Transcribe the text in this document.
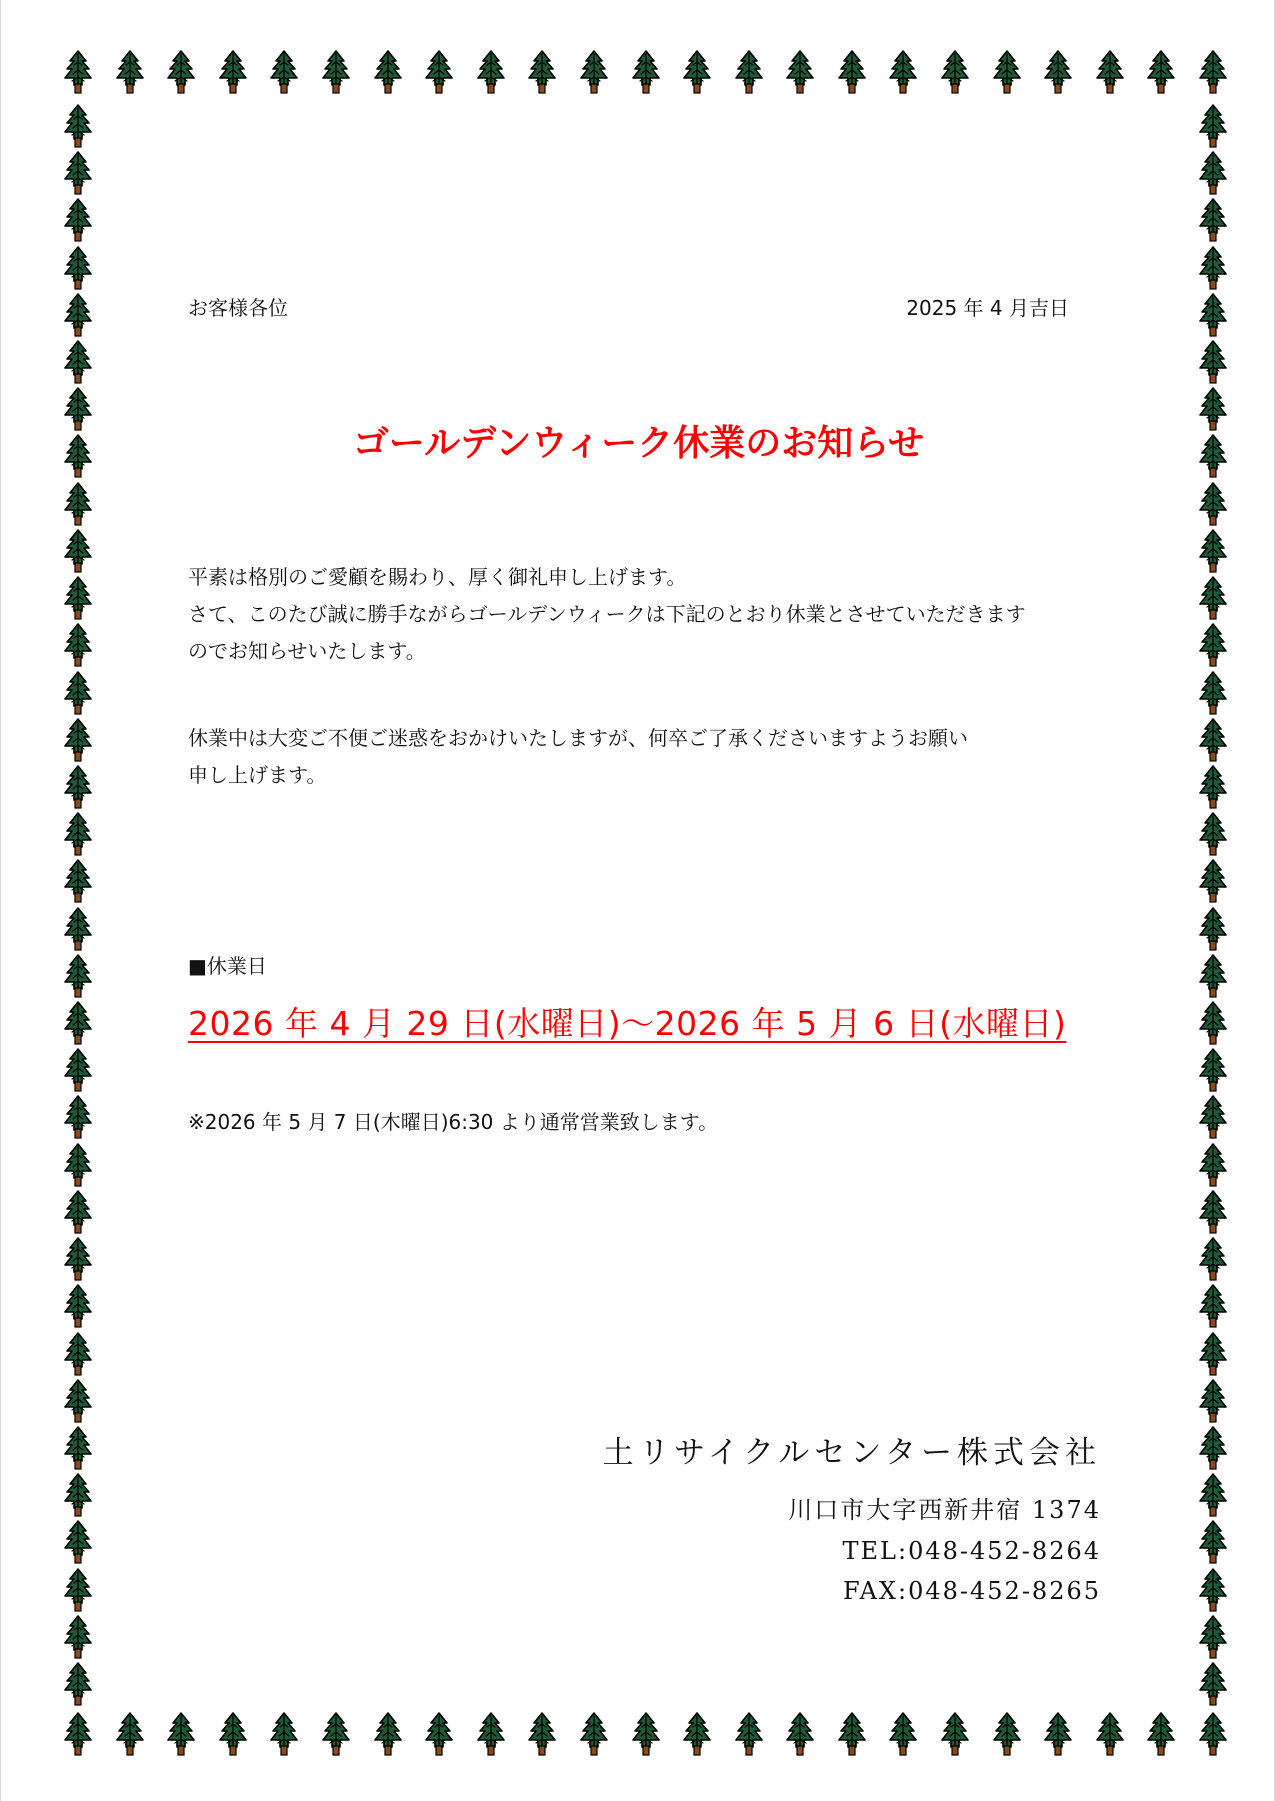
お客様各位	2025 年 4 月吉日
ゴールデンウィーク休業のお知らせ
平素は格別のご愛顧を賜わり、厚く御礼申し上げます。
さて、このたび誠に勝手ながらゴールデンウィークは下記のとおり休業とさせていただきます
のでお知らせいたします。
休業中は大変ご不便ご迷惑をおかけいたしますが、何卒ご了承くださいますようお願い
申し上げます。
■休業日
2026 年 4 月 29 日(水曜日)～2026 年 5 月 6 日(水曜日)
※2026 年 5 月 7 日(木曜日)6:30 より通常営業致します。
土リサイクルセンター株式会社
川口市大字西新井宿 1374
TEL:048-452-8264
FAX:048-452-8265
